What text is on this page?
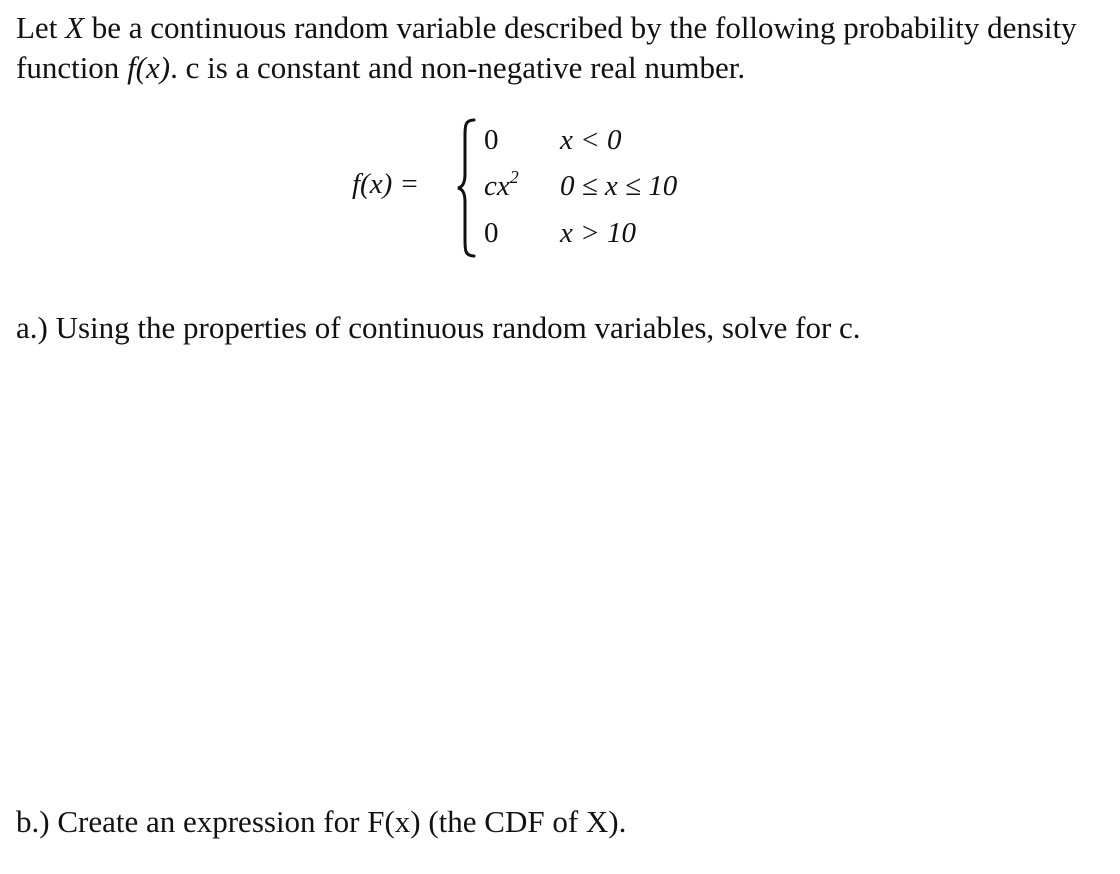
Let X be a continuous random variable described by the following probability density function f(x). c is a constant and non-negative real number.
f(x) =
0 x < 0
$cx^2$ 0 ≤ x ≤ 10
0 x > 10
a.) Using the properties of continuous random variables, solve for c.
b.) Create an expression for F(x) (the CDF of X).
